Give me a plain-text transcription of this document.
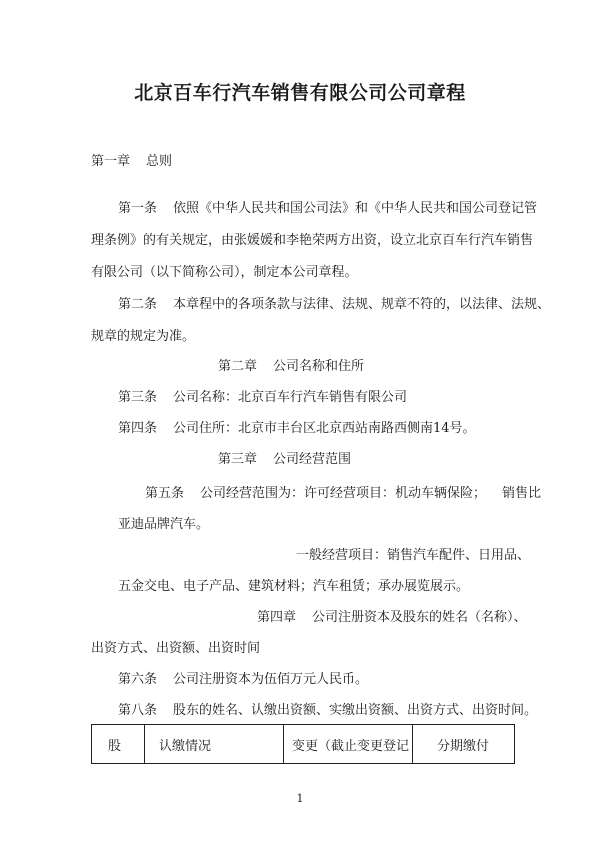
北京百车行汽车销售有限公司公司章程
第一章 总则
第一条 依照《中华人民共和国公司法》和《中华人民共和国公司登记管
理条例》的有关规定，由张媛媛和李艳荣两方出资，设立北京百车行汽车销售
有限公司（以下简称公司），制定本公司章程。
第二条 本章程中的各项条款与法律、法规、规章不符的，以法律、法规、
规章的规定为准。
第二章 公司名称和住所
第三条 公司名称：北京百车行汽车销售有限公司
第四条 公司住所：北京市丰台区北京西站南路西侧南14号。
第三章 公司经营范围
第五条 公司经营范围为：许可经营项目：机动车辆保险； 销售比
亚迪品牌汽车。
一般经营项目：销售汽车配件、日用品、
五金交电、电子产品、建筑材料；汽车租赁；承办展览展示。
第四章 公司注册资本及股东的姓名（名称）、
出资方式、出资额、出资时间
第六条 公司注册资本为伍佰万元人民币。
第八条 股东的姓名、认缴出资额、实缴出资额、出资方式、出资时间。
股	认缴情况	变更（截止变更登记	分期缴付
1
